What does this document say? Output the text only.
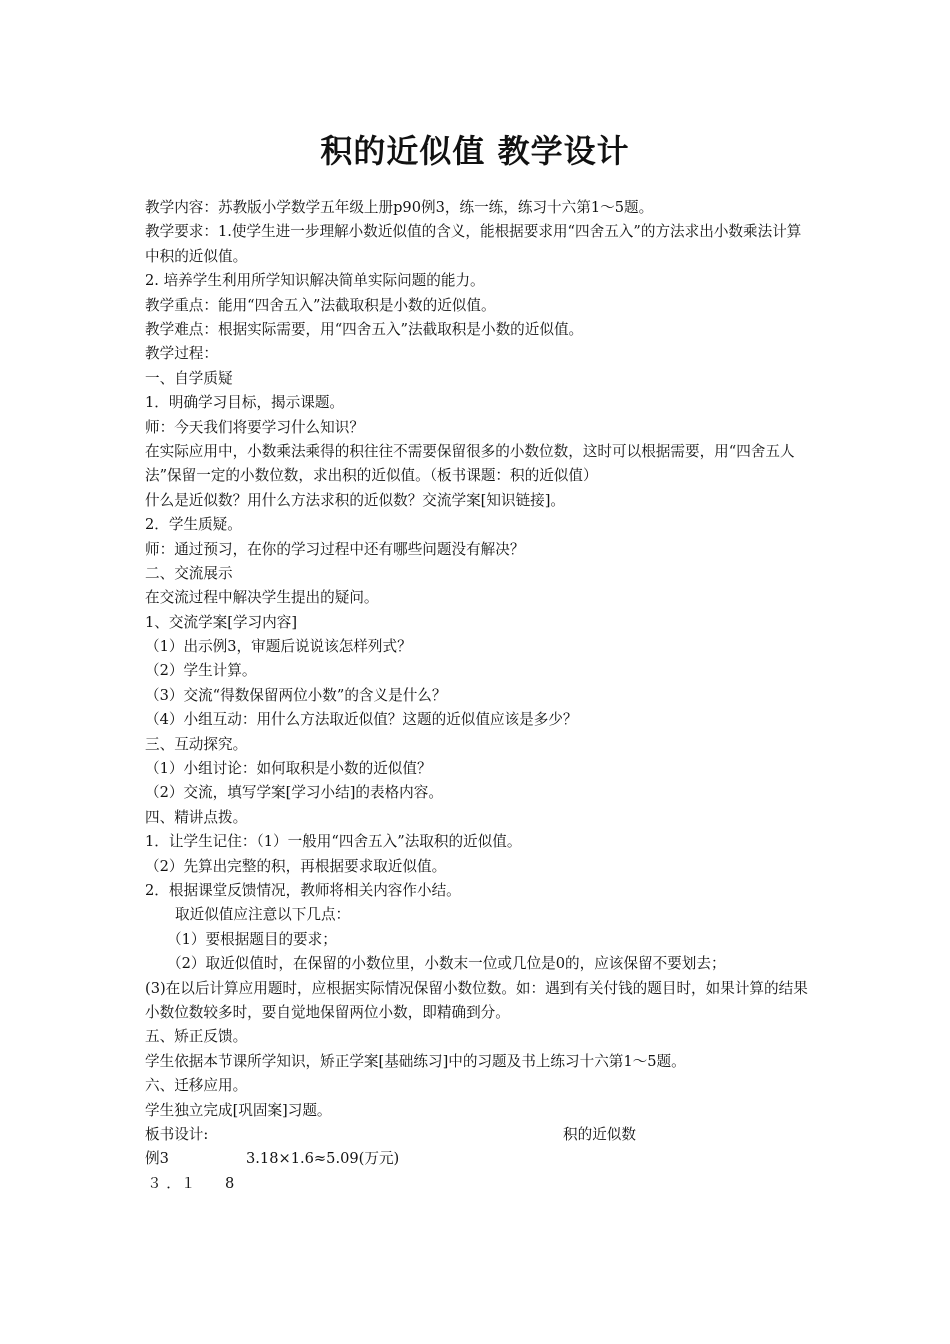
积的近似值 教学设计
教学内容：苏教版小学数学五年级上册p90例3，练一练，练习十六第1～5题。
教学要求：1.使学生进一步理解小数近似值的含义，能根据要求用“四舍五入”的方法求出小数乘法计算中积的近似值。
2. 培养学生利用所学知识解决简单实际问题的能力。
教学重点：能用“四舍五入”法截取积是小数的近似值。
教学难点：根据实际需要，用“四舍五入”法截取积是小数的近似值。
教学过程：
一、自学质疑
1．明确学习目标，揭示课题。
师：今天我们将要学习什么知识？
在实际应用中，小数乘法乘得的积往往不需要保留很多的小数位数，这时可以根据需要，用“四舍五人法”保留一定的小数位数，求出积的近似值。（板书课题：积的近似值）
什么是近似数？用什么方法求积的近似数？交流学案[知识链接]。
2．学生质疑。
师：通过预习，在你的学习过程中还有哪些问题没有解决？
二、交流展示
在交流过程中解决学生提出的疑问。
1、交流学案[学习内容]
（1）出示例3，审题后说说该怎样列式？
（2）学生计算。
（3）交流“得数保留两位小数”的含义是什么？
（4）小组互动：用什么方法取近似值？这题的近似值应该是多少？
三、互动探究。
（1）小组讨论：如何取积是小数的近似值？
（2）交流，填写学案[学习小结]的表格内容。
四、精讲点拨。
1．让学生记住：（1）一般用“四舍五入”法取积的近似值。
（2）先算出完整的积，再根据要求取近似值。
2．根据课堂反馈情况，教师将相关内容作小结。
取近似值应注意以下几点：
（1）要根据题目的要求；
（2）取近似值时，在保留的小数位里，小数末一位或几位是0的，应该保留不要划去；
(3)在以后计算应用题时，应根据实际情况保留小数位数。如：遇到有关付钱的题目时，如果计算的结果小数位数较多时，要自觉地保留两位小数，即精确到分。
五、矫正反馈。
学生依据本节课所学知识，矫正学案[基础练习]中的习题及书上练习十六第1～5题。
六、迁移应用。
学生独立完成[巩固案]习题。
板书设计:	积的近似数
例3	3.18×1.6≈5.09(万元)
３ ．１ 8
